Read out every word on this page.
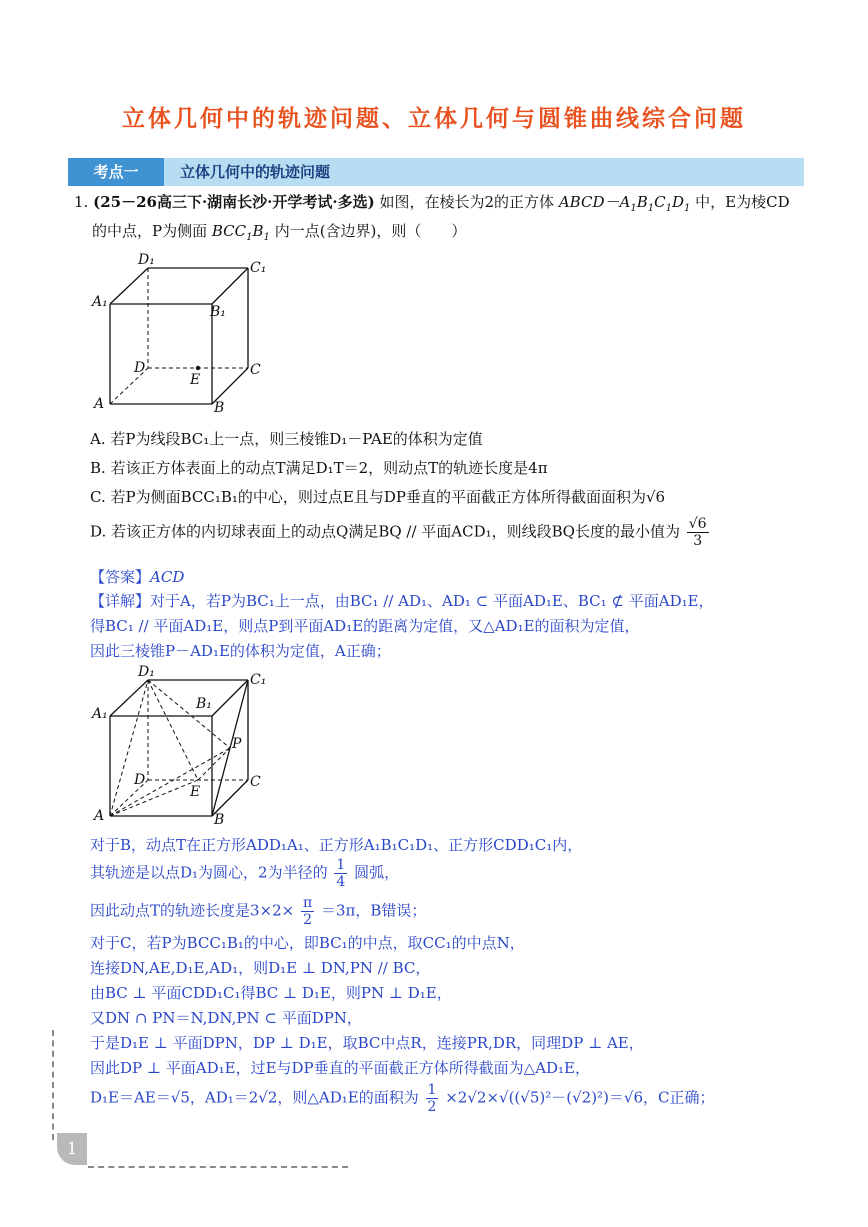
立体几何中的轨迹问题、立体几何与圆锥曲线综合问题
考点一	立体几何中的轨迹问题
1. (25－26高三下·湖南长沙·开学考试·多选) 如图，在棱长为2的正方体 $ABCD-A_1B_1C_1D_1$ 中，E为棱CD
的中点，P为侧面 $BCC_1B_1$ 内一点(含边界)，则（　　）
D₁	C₁
A₁
B₁
D
E
C
A	B
A. 若P为线段BC₁上一点，则三棱锥D₁－PAE的体积为定值
B. 若该正方体表面上的动点T满足D₁T＝2，则动点T的轨迹长度是4π
C. 若P为侧面BCC₁B₁的中心，则过点E且与DP垂直的平面截正方体所得截面面积为√6
D. 若该正方体的内切球表面上的动点Q满足BQ // 平面ACD₁，则线段BQ长度的最小值为 $\frac{√6}{3}$
【答案】ACD
【详解】对于A，若P为BC₁上一点，由BC₁ // AD₁、AD₁ ⊂ 平面AD₁E、BC₁ ⊄ 平面AD₁E，
得BC₁ // 平面AD₁E，则点P到平面AD₁E的距离为定值，又△AD₁E的面积为定值，
因此三棱锥P－AD₁E的体积为定值，A正确；
D₁	C₁
A₁
B₁
P
D
E
C
A	B
对于B，动点T在正方形ADD₁A₁、正方形A₁B₁C₁D₁、正方形CDD₁C₁内，
其轨迹是以点D₁为圆心，2为半径的 $\frac{1}{4}$ 圆弧，
因此动点T的轨迹长度是$3\times 2\times \frac{\pi}{2} =3\pi$，B错误；
对于C，若P为BCC₁B₁的中心，即BC₁的中点，取CC₁的中点N，
连接DN,AE,D₁E,AD₁，则D₁E ⊥ DN,PN // BC，
由BC ⊥ 平面CDD₁C₁得BC ⊥ D₁E，则PN ⊥ D₁E，
又DN ∩ PN＝N,DN,PN ⊂ 平面DPN，
于是D₁E ⊥ 平面DPN，DP ⊥ D₁E，取BC中点R，连接PR,DR，同理DP ⊥ AE，
因此DP ⊥ 平面AD₁E，过E与DP垂直的平面截正方体所得截面为△AD₁E，
D₁E＝AE＝√5，AD₁＝2√2，则△AD₁E的面积为 $\frac{1}{2} \times 2√2\times√((√5)^2-(√2)^2)=√6$，C正确；
1
